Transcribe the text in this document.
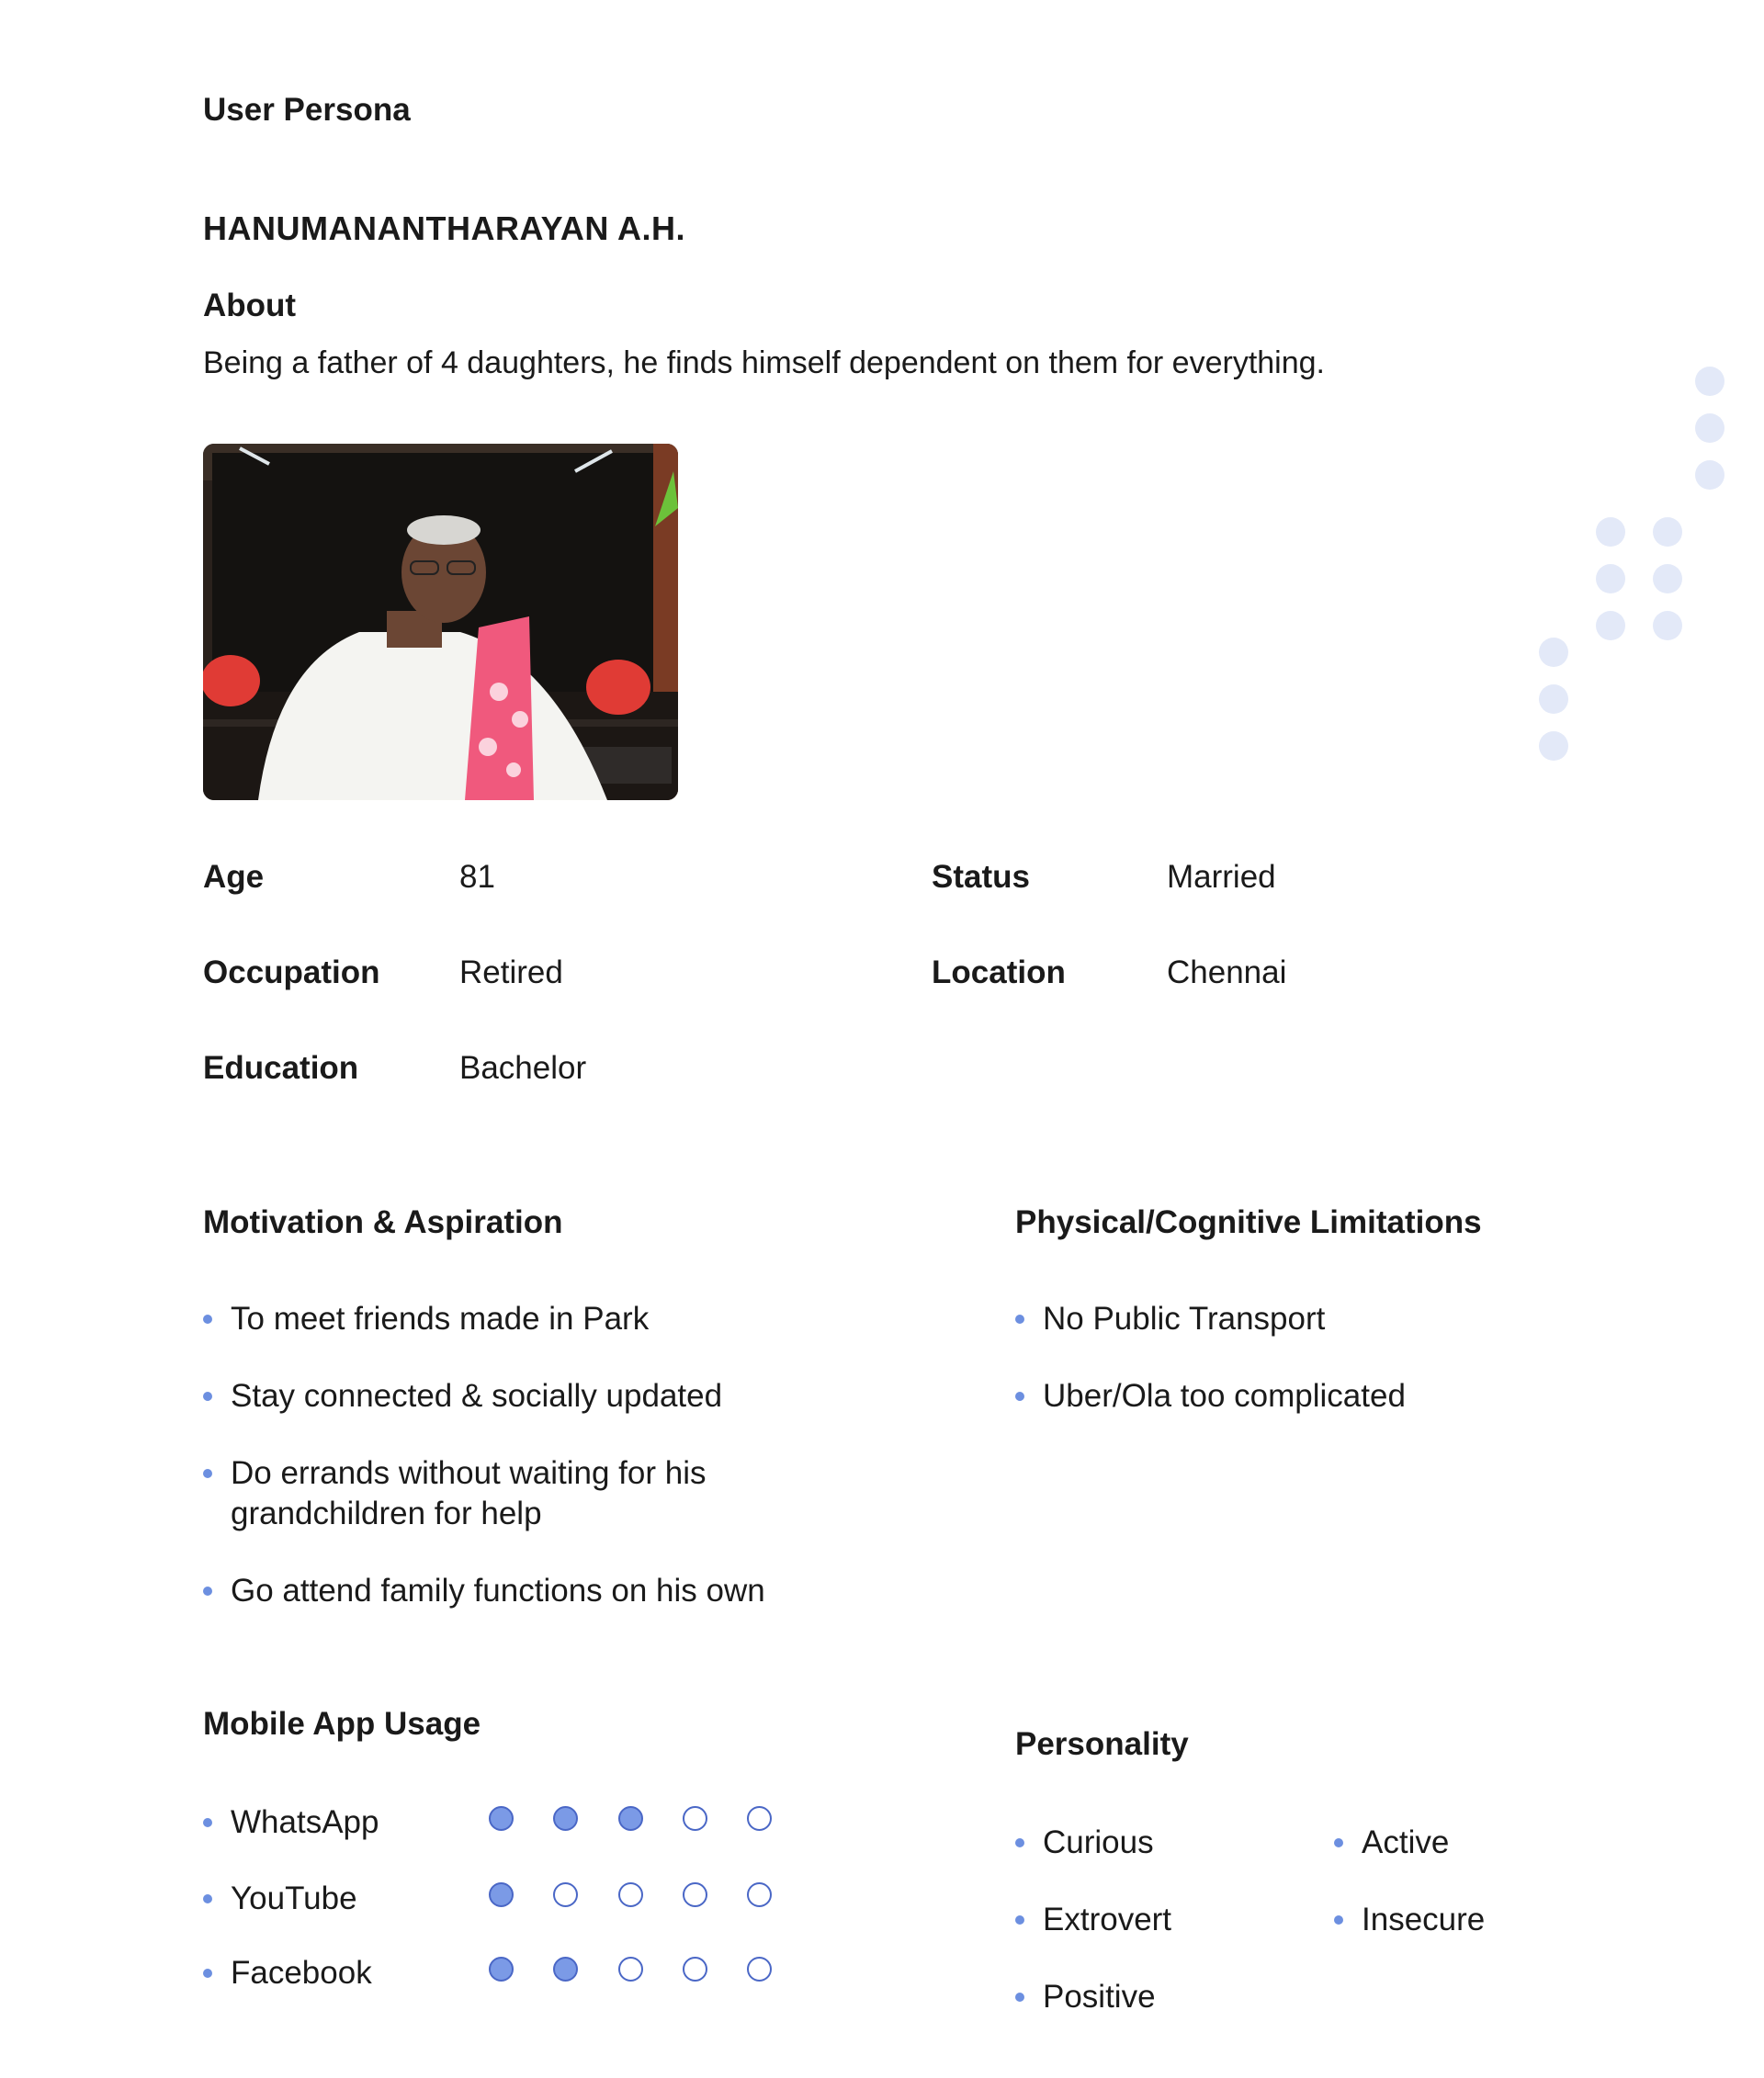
User Persona
HANUMANANTHARAYAN A.H.
About
Being a father of 4 daughters, he finds himself dependent on them for everything.
Age	81	Status	Married
Occupation Retired	Location	Chennai
Education	Bachelor
Motivation & Aspiration
To meet friends made in Park
Stay connected & socially updated
Do errands without waiting for his grandchildren for help
Go attend family functions on his own
Physical/Cognitive Limitations
No Public Transport
Uber/Ola too complicated
Mobile App Usage
WhatsApp
YouTube
Facebook
Personality
Curious
Extrovert
Positive
Active
Insecure
